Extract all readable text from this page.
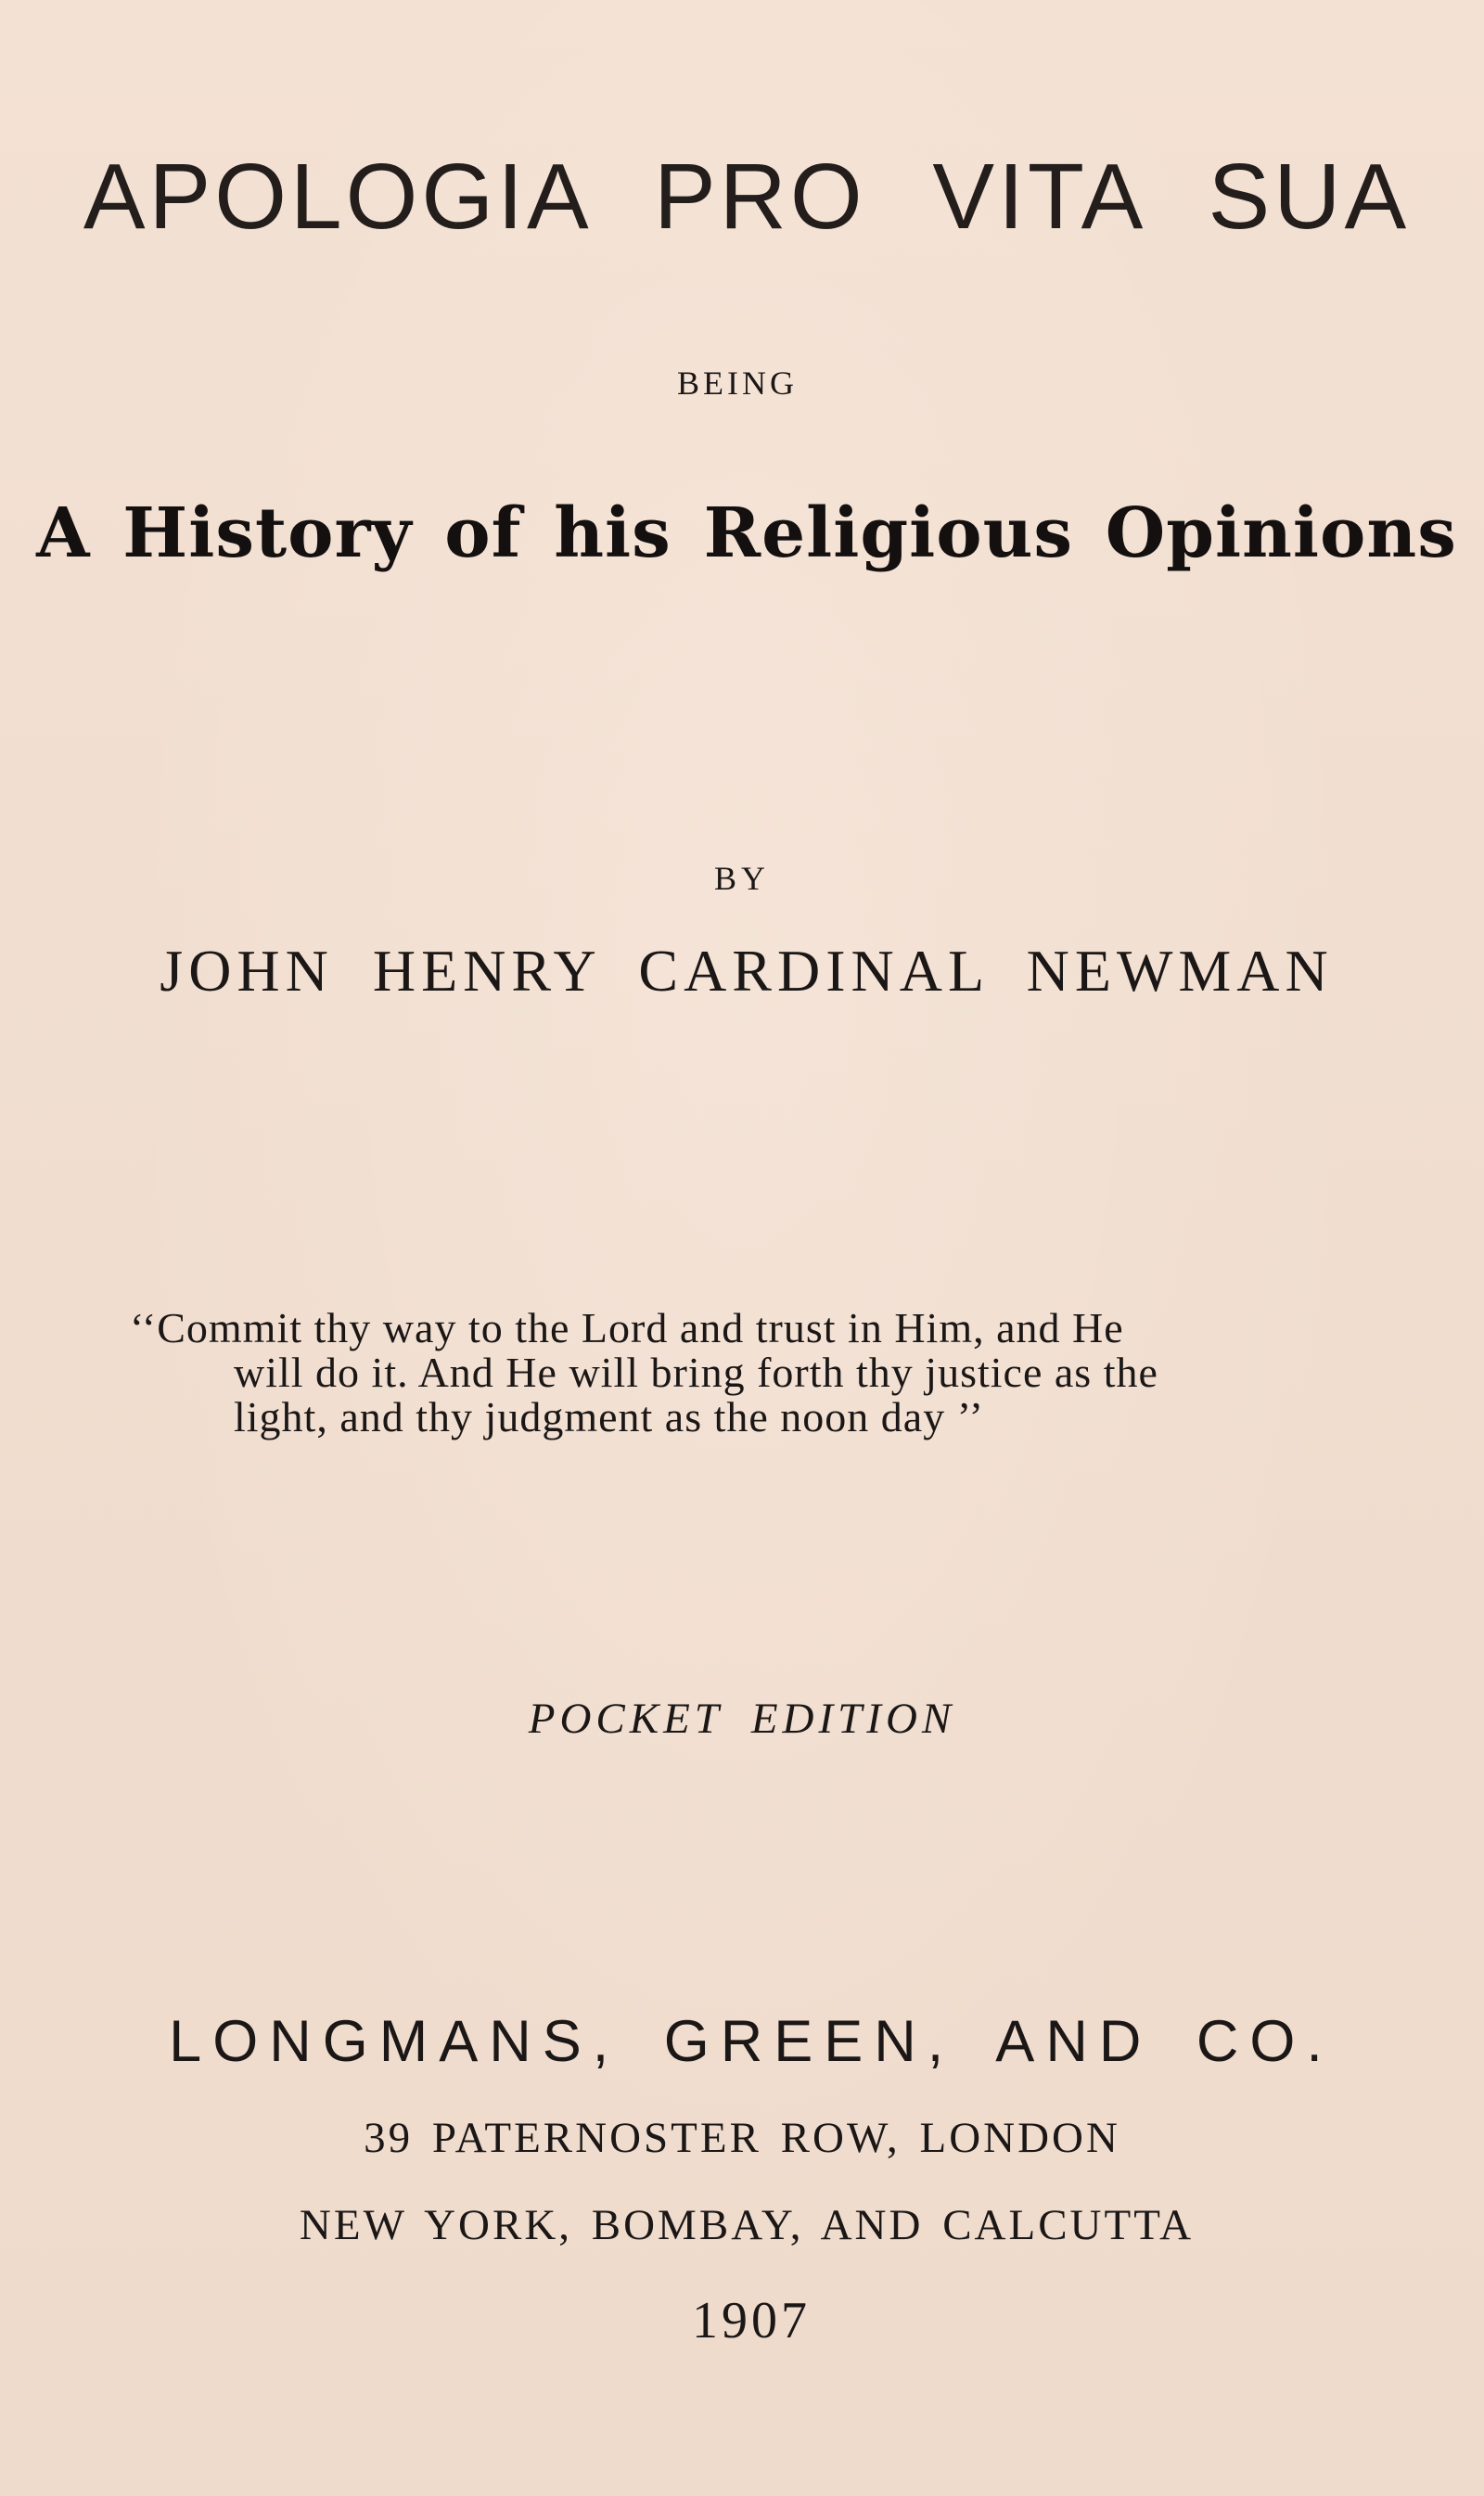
APOLOGIA PRO VITA SUA
BEING
A History of his Religious Opinions
BY
JOHN HENRY CARDINAL NEWMAN
‘‘Commit thy way to the Lord and trust in Him, and He
will do it. And He will bring forth thy justice as the
light, and thy judgment as the noon day ’’
POCKET EDITION
LONGMANS, GREEN, AND CO.
39 PATERNOSTER ROW, LONDON
NEW YORK, BOMBAY, AND CALCUTTA
1907
